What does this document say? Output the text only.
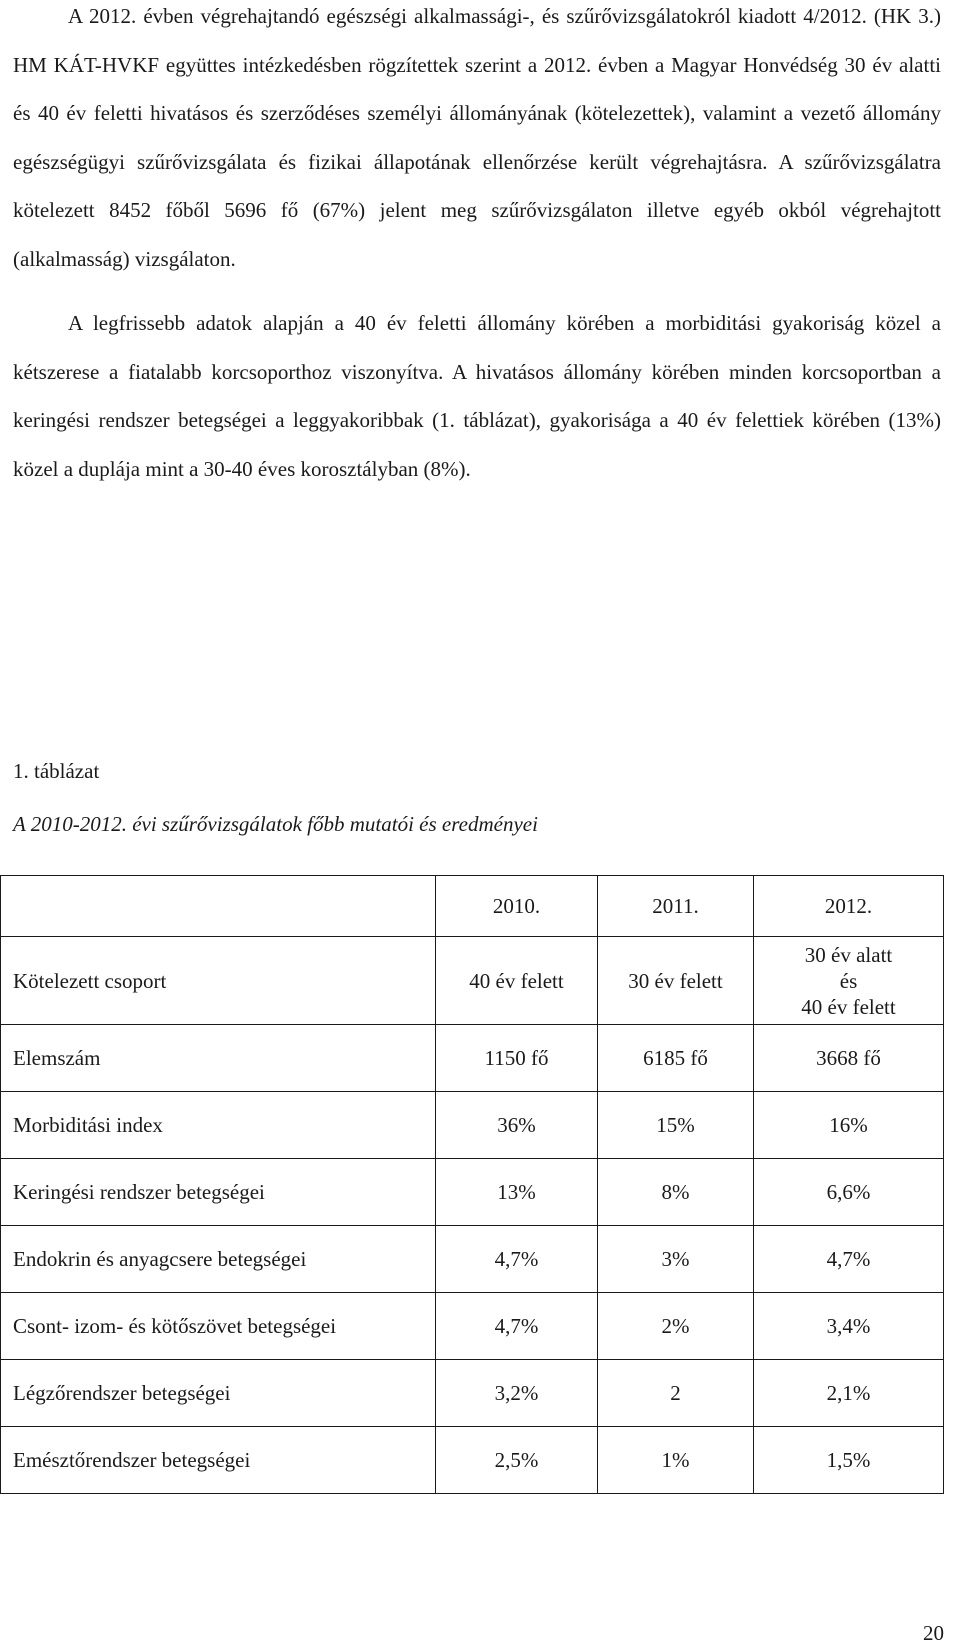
A 2012. évben végrehajtandó egészségi alkalmassági-, és szűrővizsgálatokról kiadott 4/2012. (HK 3.) HM KÁT-HVKF együttes intézkedésben rögzítettek szerint a 2012. évben a Magyar Honvédség 30 év alatti és 40 év feletti hivatásos és szerződéses személyi állományának (kötelezettek), valamint a vezető állomány egészségügyi szűrővizsgálata és fizikai állapotának ellenőrzése került végrehajtásra. A szűrővizsgálatra kötelezett 8452 főből 5696 fő (67%) jelent meg szűrővizsgálaton illetve egyéb okból végrehajtott (alkalmasság) vizsgálaton.

A legfrissebb adatok alapján a 40 év feletti állomány körében a morbiditási gyakoriság közel a kétszerese a fiatalabb korcsoporthoz viszonyítva. A hivatásos állomány körében minden korcsoportban a keringési rendszer betegségei a leggyakoribbak (1. táblázat), gyakorisága a 40 év felettiek körében (13%) közel a duplája mint a 30-40 éves korosztályban (8%).

1. táblázat
A 2010-2012. évi szűrővizsgálatok főbb mutatói és eredményei
	2010.	2011.	2012.
Kötelezett csoport	40 év felett	30 év felett	30 év alatt
és
40 év felett
Elemszám	1150 fő	6185 fő	3668 fő
Morbiditási index	36%	15%	16%
Keringési rendszer betegségei	13%	8%	6,6%
Endokrin és anyagcsere betegségei	4,7%	3%	4,7%
Csont- izom- és kötőszövet betegségei	4,7%	2%	3,4%
Légzőrendszer betegségei	3,2%	2	2,1%
Emésztőrendszer betegségei	2,5%	1%	1,5%
20
